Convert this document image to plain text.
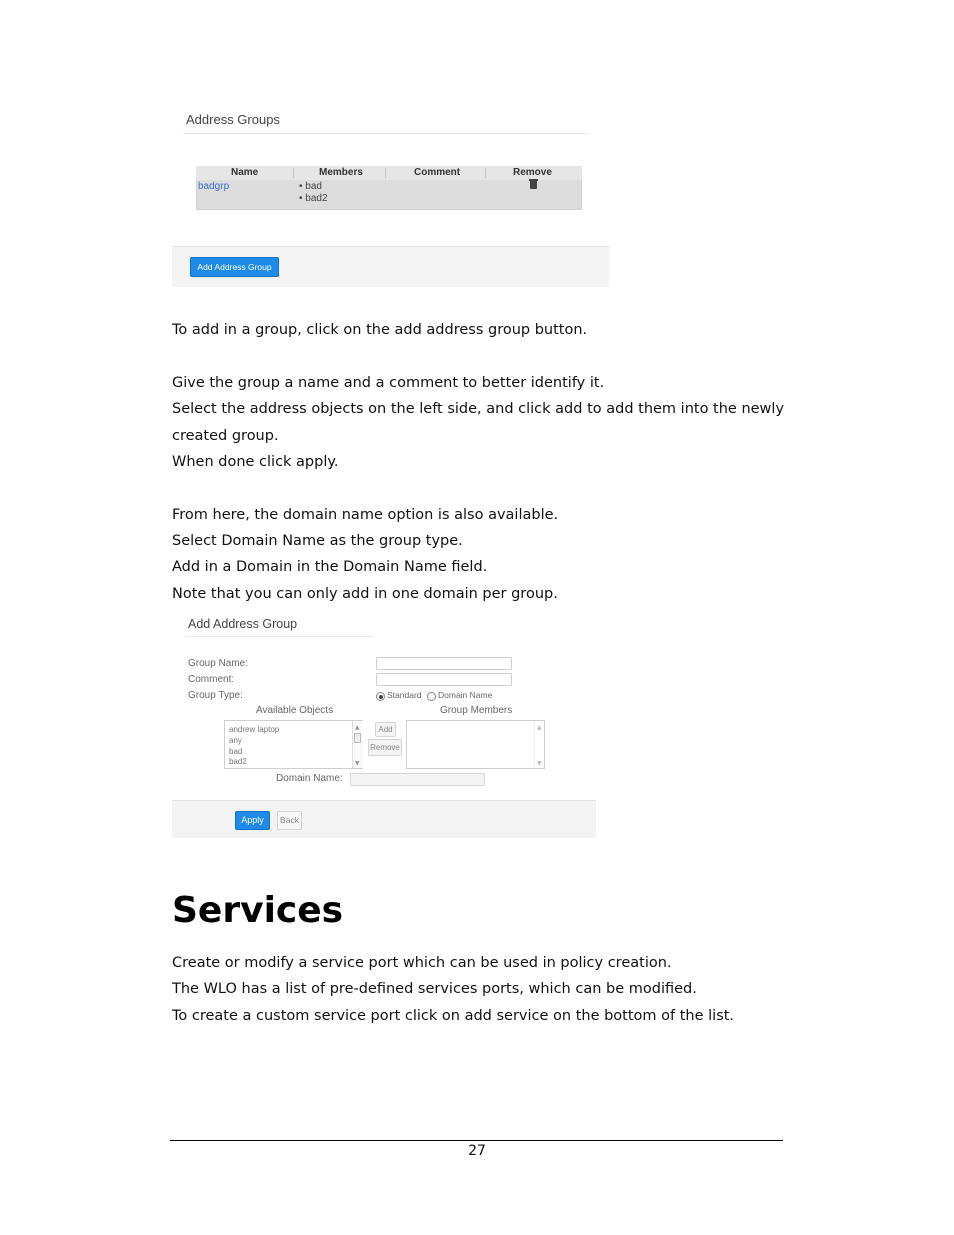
Address Groups
Name	Members	Comment	Remove
badgrp	• bad
• bad2
Add Address Group
To add in a group, click on the add address group button.
Give the group a name and a comment to better identify it.
Select the address objects on the left side, and click add to add them into the newly
created group.
When done click apply.
From here, the domain name option is also available.
Select Domain Name as the group type.
Add in a Domain in the Domain Name field.
Note that you can only add in one domain per group.
Add Address Group
Group Name:
Comment:
Group Type:	Standard Domain Name
Available Objects	Group Members
▲
▼
andrew laptop
any
bad
bad2
Add
Remove
▲
▼
Domain Name:
Apply	Back
Services
Create or modify a service port which can be used in policy creation.
The WLO has a list of pre-defined services ports, which can be modified.
To create a custom service port click on add service on the bottom of the list.
27
